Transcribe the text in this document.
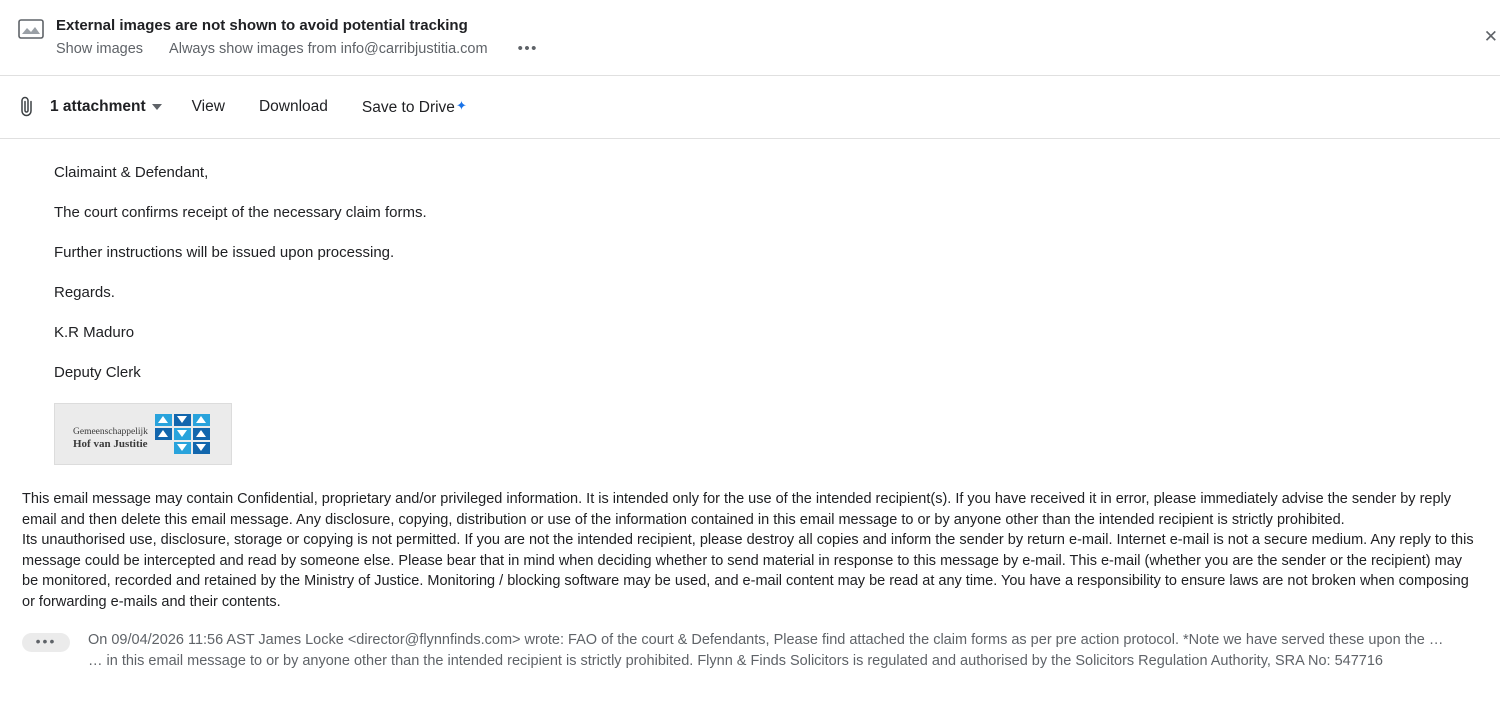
External images are not shown to avoid potential tracking
Show images Always show images from info@carribjustitia.com •••
✕
1 attachment	View Download Save to Drive✦

Claimaint & Defendant,

The court confirms receipt of the necessary claim forms.

Further instructions will be issued upon processing.

Regards.

K.R Maduro

Deputy Clerk

Gemeenschappelijk
Hof van Justitie

This email message may contain Confidential, proprietary and/or privileged information. It is intended only for the use of the intended recipient(s). If you have received it in error, please immediately advise the sender by reply email and then delete this email message. Any disclosure, copying, distribution or use of the information contained in this email message to or by anyone other than the intended recipient is strictly prohibited.

Its unauthorised use, disclosure, storage or copying is not permitted. If you are not the intended recipient, please destroy all copies and inform the sender by return e-mail. Internet e-mail is not a secure medium. Any reply to this message could be intercepted and read by someone else. Please bear that in mind when deciding whether to send material in response to this message by e-mail. This e-mail (whether you are the sender or the recipient) may be monitored, recorded and retained by the Ministry of Justice. Monitoring / blocking software may be used, and e-mail content may be read at any time. You have a responsibility to ensure laws are not broken when composing or forwarding e-mails and their contents.

•••	On 09/04/2026 11:56 AST James Locke <director@flynnfinds.com> wrote: FAO of the court & Defendants, Please find attached the claim forms as per pre action protocol. *Note we have served these upon the …
… in this email message to or by anyone other than the intended recipient is strictly prohibited. Flynn & Finds Solicitors is regulated and authorised by the Solicitors Regulation Authority, SRA No: 547716
